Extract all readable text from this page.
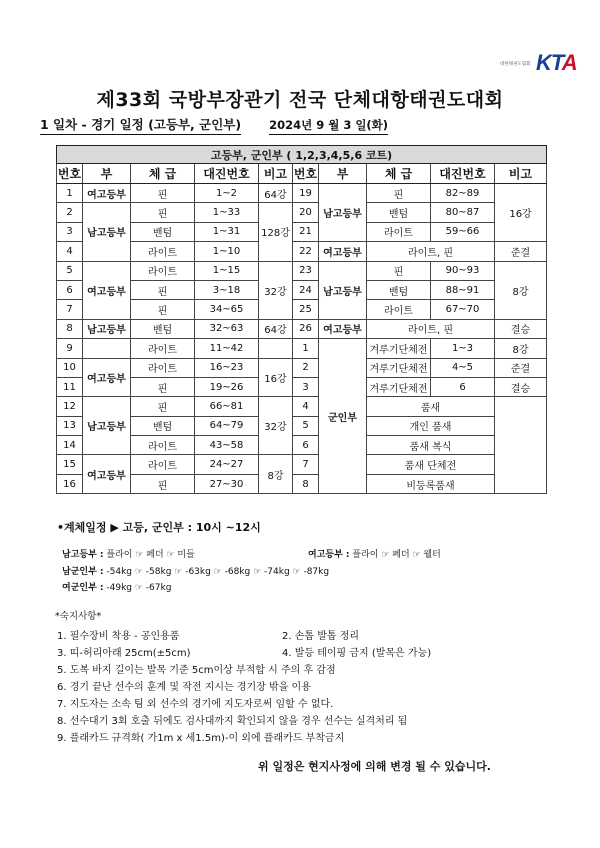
대한태권도협회 KTA
제33회 국방부장관기 전국 단체대항태권도대회
1 일차 - 경기 일정 (고등부, 군인부) 2024년 9 월 3 일(화)
고등부, 군인부 ( 1,2,3,4,5,6 코트)									
번호	부	체 급	대진번호	비고	번호	부	체 급	대진번호	비고
1	여고등부	핀	1~2	64강	19	남고등부	핀	82~89	16강
2	남고등부	핀	1~33	128강	20		밴텀	80~87	
3		밴텀	1~31		21		라이트	59~66	
4		라이트	1~10		22	여고등부	라이트, 핀		준결
5	여고등부	라이트	1~15	32강	23	남고등부	핀	90~93	8강
6		핀	3~18		24		밴텀	88~91	
7		핀	34~65		25		라이트	67~70	
8	남고등부	밴텀	32~63	64강	26	여고등부	라이트, 핀		결승
9		라이트	11~42		1	군인부	겨루기단체전	1~3	8강
10	여고등부	라이트	16~23	16강	2		겨루기단체전	4~5	준결
11		핀	19~26		3		겨루기단체전	6	결승
12	남고등부	핀	66~81	32강	4		품새		
13		밴텀	64~79		5		개인 품새		
14		라이트	43~58		6		품새 복식		
15	여고등부	라이트	24~27	8강	7		품새 단체전		
16		핀	27~30		8		비등록품새		
•계체일정 ▶ 고등, 군인부 : 10시 ~12시
남고등부 : 플라이 ☞ 페더 ☞ 미들	여고등부 : 플라이 ☞ 페더 ☞ 웰터
남군인부 : -54kg ☞ -58kg ☞ -63kg ☞ -68kg ☞ -74kg ☞ -87kg
여군인부 : -49kg ☞ -67kg
*숙지사항*
1. 필수장비 착용 - 공인용품	2. 손톱 발톱 정리
3. 띠-허리아래 25cm(±5cm)	4. 발등 테이핑 금지 (발목은 가능)
5. 도복 바지 길이는 발목 기준 5cm이상 부적합 시 주의 후 감점
6. 경기 끝난 선수의 훈계 및 작전 지시는 경기장 밖을 이용
7. 지도자는 소속 팀 외 선수의 경기에 지도자로써 임할 수 없다.
8. 선수대기 3회 호출 뒤에도 검사대까지 확인되지 않을 경우 선수는 실격처리 됨
9. 플래카드 규격화( 가1m x 세1.5m)-이 외에 플래카드 부착금지
위 일정은 현지사정에 의해 변경 될 수 있습니다.
